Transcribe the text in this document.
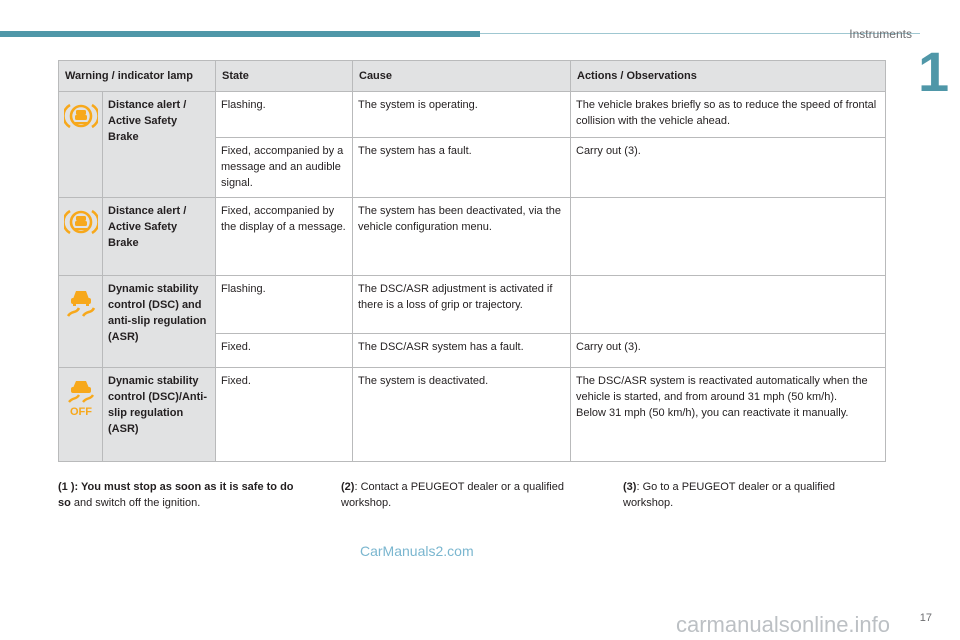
Instruments
1
Warning / indicator lamp		State	Cause	Actions / Observations
	Distance alert / Active Safety Brake	Flashing.	The system is operating.	The vehicle brakes briefly so as to reduce the speed of frontal collision with the vehicle ahead.
		Fixed, accompanied by a message and an audible signal.	The system has a fault.	Carry out (3).
	Distance alert / Active Safety Brake	Fixed, accompanied by the display of a message.	The system has been deactivated, via the vehicle configuration menu.	
	Dynamic stability control (DSC) and anti-slip regulation (ASR)	Flashing.	The DSC/ASR adjustment is activated if there is a loss of grip or trajectory.	
		Fixed.	The DSC/ASR system has a fault.	Carry out (3).

OFF	Dynamic stability control (DSC)/Anti-slip regulation (ASR)	Fixed.	The system is deactivated.	The DSC/ASR system is reactivated automatically when the vehicle is started, and from around 31 mph (50 km/h).
Below 31 mph (50 km/h), you can reactivate it manually.
(1 ): You must stop as soon as it is safe to do so and switch off the ignition.
(2): Contact a PEUGEOT dealer or a qualified workshop.
(3): Go to a PEUGEOT dealer or a qualified workshop.
CarManuals2.com
carmanualsonline.info	17
